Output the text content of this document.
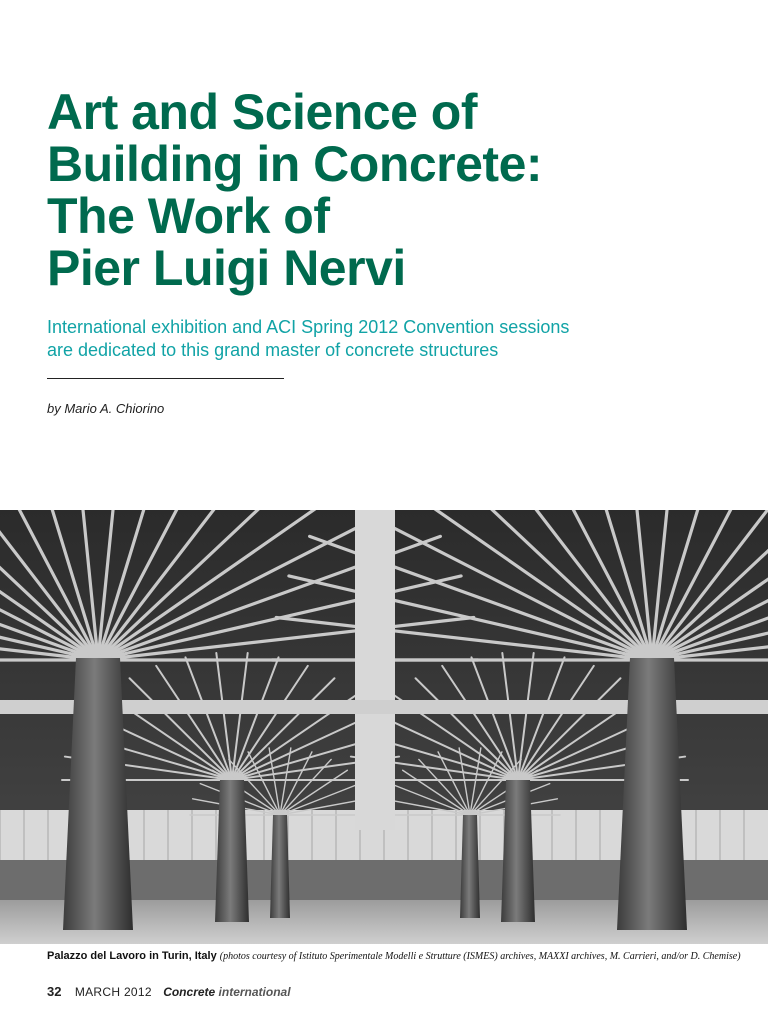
Art and Science of
Building in Concrete:
The Work of
Pier Luigi Nervi

International exhibition and ACI Spring 2012 Convention sessions
are dedicated to this grand master of concrete structures

by Mario A. Chiorino
Palazzo del Lavoro in Turin, Italy (photos courtesy of Istituto Sperimentale Modelli e Strutture (ISMES) archives, MAXXI archives, M. Carrieri, and/or D. Chemise)
32 MARCH 2012 Concrete international
